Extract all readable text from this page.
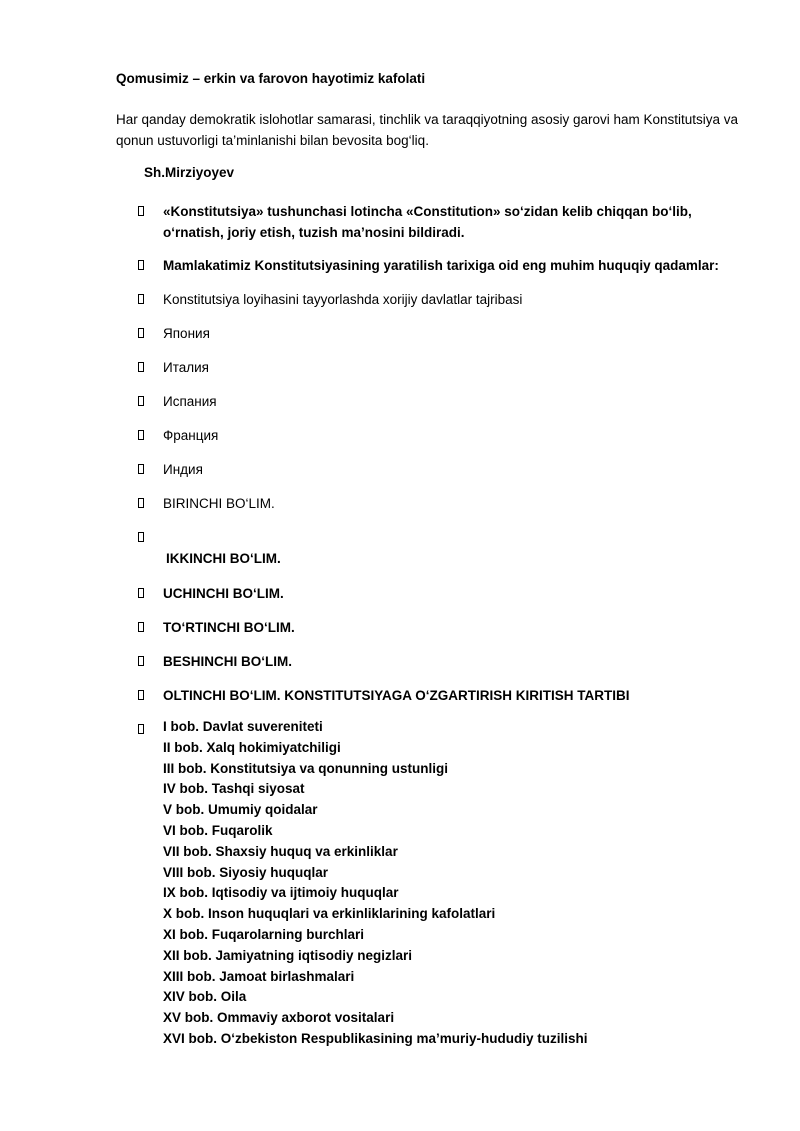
Qomusimiz – erkin va farovon hayotimiz kafolati
Har qanday demokratik islohotlar samarasi, tinchlik va taraqqiyotning asosiy garovi ham Konstitutsiya va qonun ustuvorligi ta’minlanishi bilan bevosita bog‘liq.
Sh.Mirziyoyev
«Konstitutsiya» tushunchasi lotincha «Constitution» so‘zidan kelib chiqqan bo‘lib, o‘rnatish, joriy etish, tuzish ma’nosini bildiradi.
Mamlakatimiz Konstitutsiyasining yaratilish tarixiga oid eng muhim huquqiy qadamlar:
Konstitutsiya loyihasini tayyorlashda xorijiy davlatlar tajribasi
Япония
Италия
Испания
Франция
Индия
BIRINCHI BO‘LIM.
IKKINCHI BO‘LIM.
UCHINCHI BO‘LIM.
TO‘RTINCHI BO‘LIM.
BESHINCHI BO‘LIM.
OLTINCHI BO‘LIM. KONSTITUTSIYAGA O‘ZGARTIRISH KIRITISH TARTIBI
I bob. Davlat suvereniteti
II bob. Xalq hokimiyatchiligi
III bob. Konstitutsiya va qonunning ustunligi
IV bob. Tashqi siyosat
V bob. Umumiy qoidalar
VI bob. Fuqarolik
VII bob. Shaxsiy huquq va erkinliklar
VIII bob. Siyosiy huquqlar
IX bob. Iqtisodiy va ijtimoiy huquqlar
X bob. Inson huquqlari va erkinliklarining kafolatlari
XI bob. Fuqarolarning burchlari
XII bob. Jamiyatning iqtisodiy negizlari
XIII bob. Jamoat birlashmalari
XIV bob. Oila
XV bob. Ommaviy axborot vositalari
XVI bob. O‘zbekiston Respublikasining ma’muriy-hududiy tuzilishi
